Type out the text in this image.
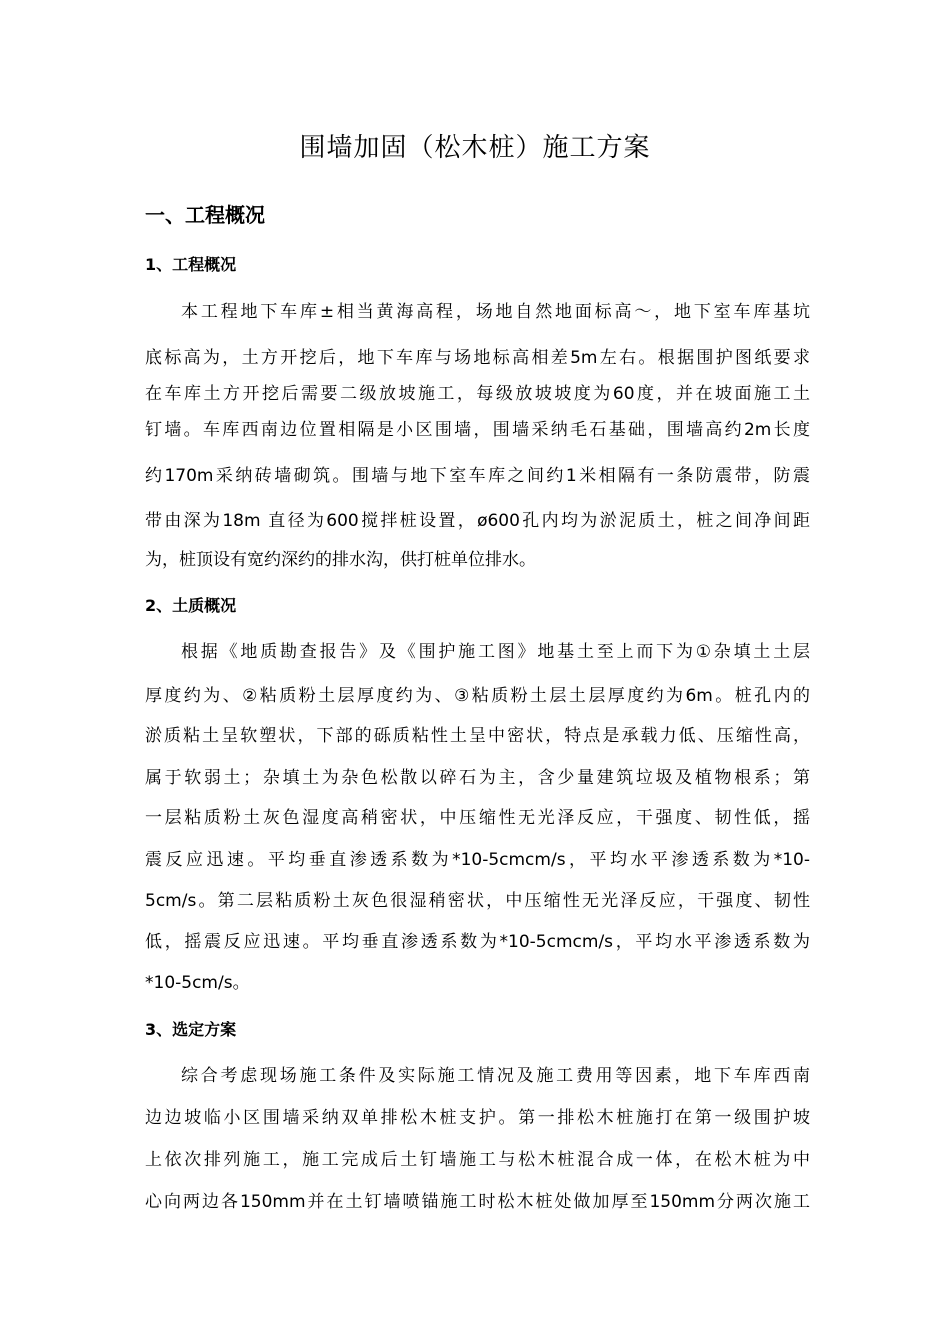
围墙加固（松木桩）施工方案
一、工程概况
1、工程概况
本工程地下车库±相当黄海高程，场地自然地面标高～，地下室车库基坑
底标高为，土方开挖后，地下车库与场地标高相差5m左右。根据围护图纸要求
在车库土方开挖后需要二级放坡施工，每级放坡坡度为60度，并在坡面施工土
钉墙。车库西南边位置相隔是小区围墙，围墙采纳毛石基础，围墙高约2m长度
约170m采纳砖墙砌筑。围墙与地下室车库之间约1米相隔有一条防震带，防震
带由深为18m 直径为600搅拌桩设置，ø600孔内均为淤泥质土，桩之间净间距
为，桩顶设有宽约深约的排水沟，供打桩单位排水。
2、土质概况
根据《地质勘查报告》及《围护施工图》地基土至上而下为①杂填土土层
厚度约为、②粘质粉土层厚度约为、③粘质粉土层土层厚度约为6m。桩孔内的
淤质粘土呈软塑状，下部的砾质粘性土呈中密状，特点是承载力低、压缩性高，
属于软弱土；杂填土为杂色松散以碎石为主，含少量建筑垃圾及植物根系；第
一层粘质粉土灰色湿度高稍密状，中压缩性无光泽反应，干强度、韧性低，摇
震反应迅速。平均垂直渗透系数为*10-5cmcm/s，平均水平渗透系数为*10-
5cm/s。第二层粘质粉土灰色很湿稍密状，中压缩性无光泽反应，干强度、韧性
低，摇震反应迅速。平均垂直渗透系数为*10-5cmcm/s，平均水平渗透系数为
*10-5cm/s。
3、选定方案
综合考虑现场施工条件及实际施工情况及施工费用等因素，地下车库西南
边边坡临小区围墙采纳双单排松木桩支护。第一排松木桩施打在第一级围护坡
上依次排列施工，施工完成后土钉墙施工与松木桩混合成一体，在松木桩为中
心向两边各150mm并在土钉墙喷锚施工时松木桩处做加厚至150mm分两次施工
